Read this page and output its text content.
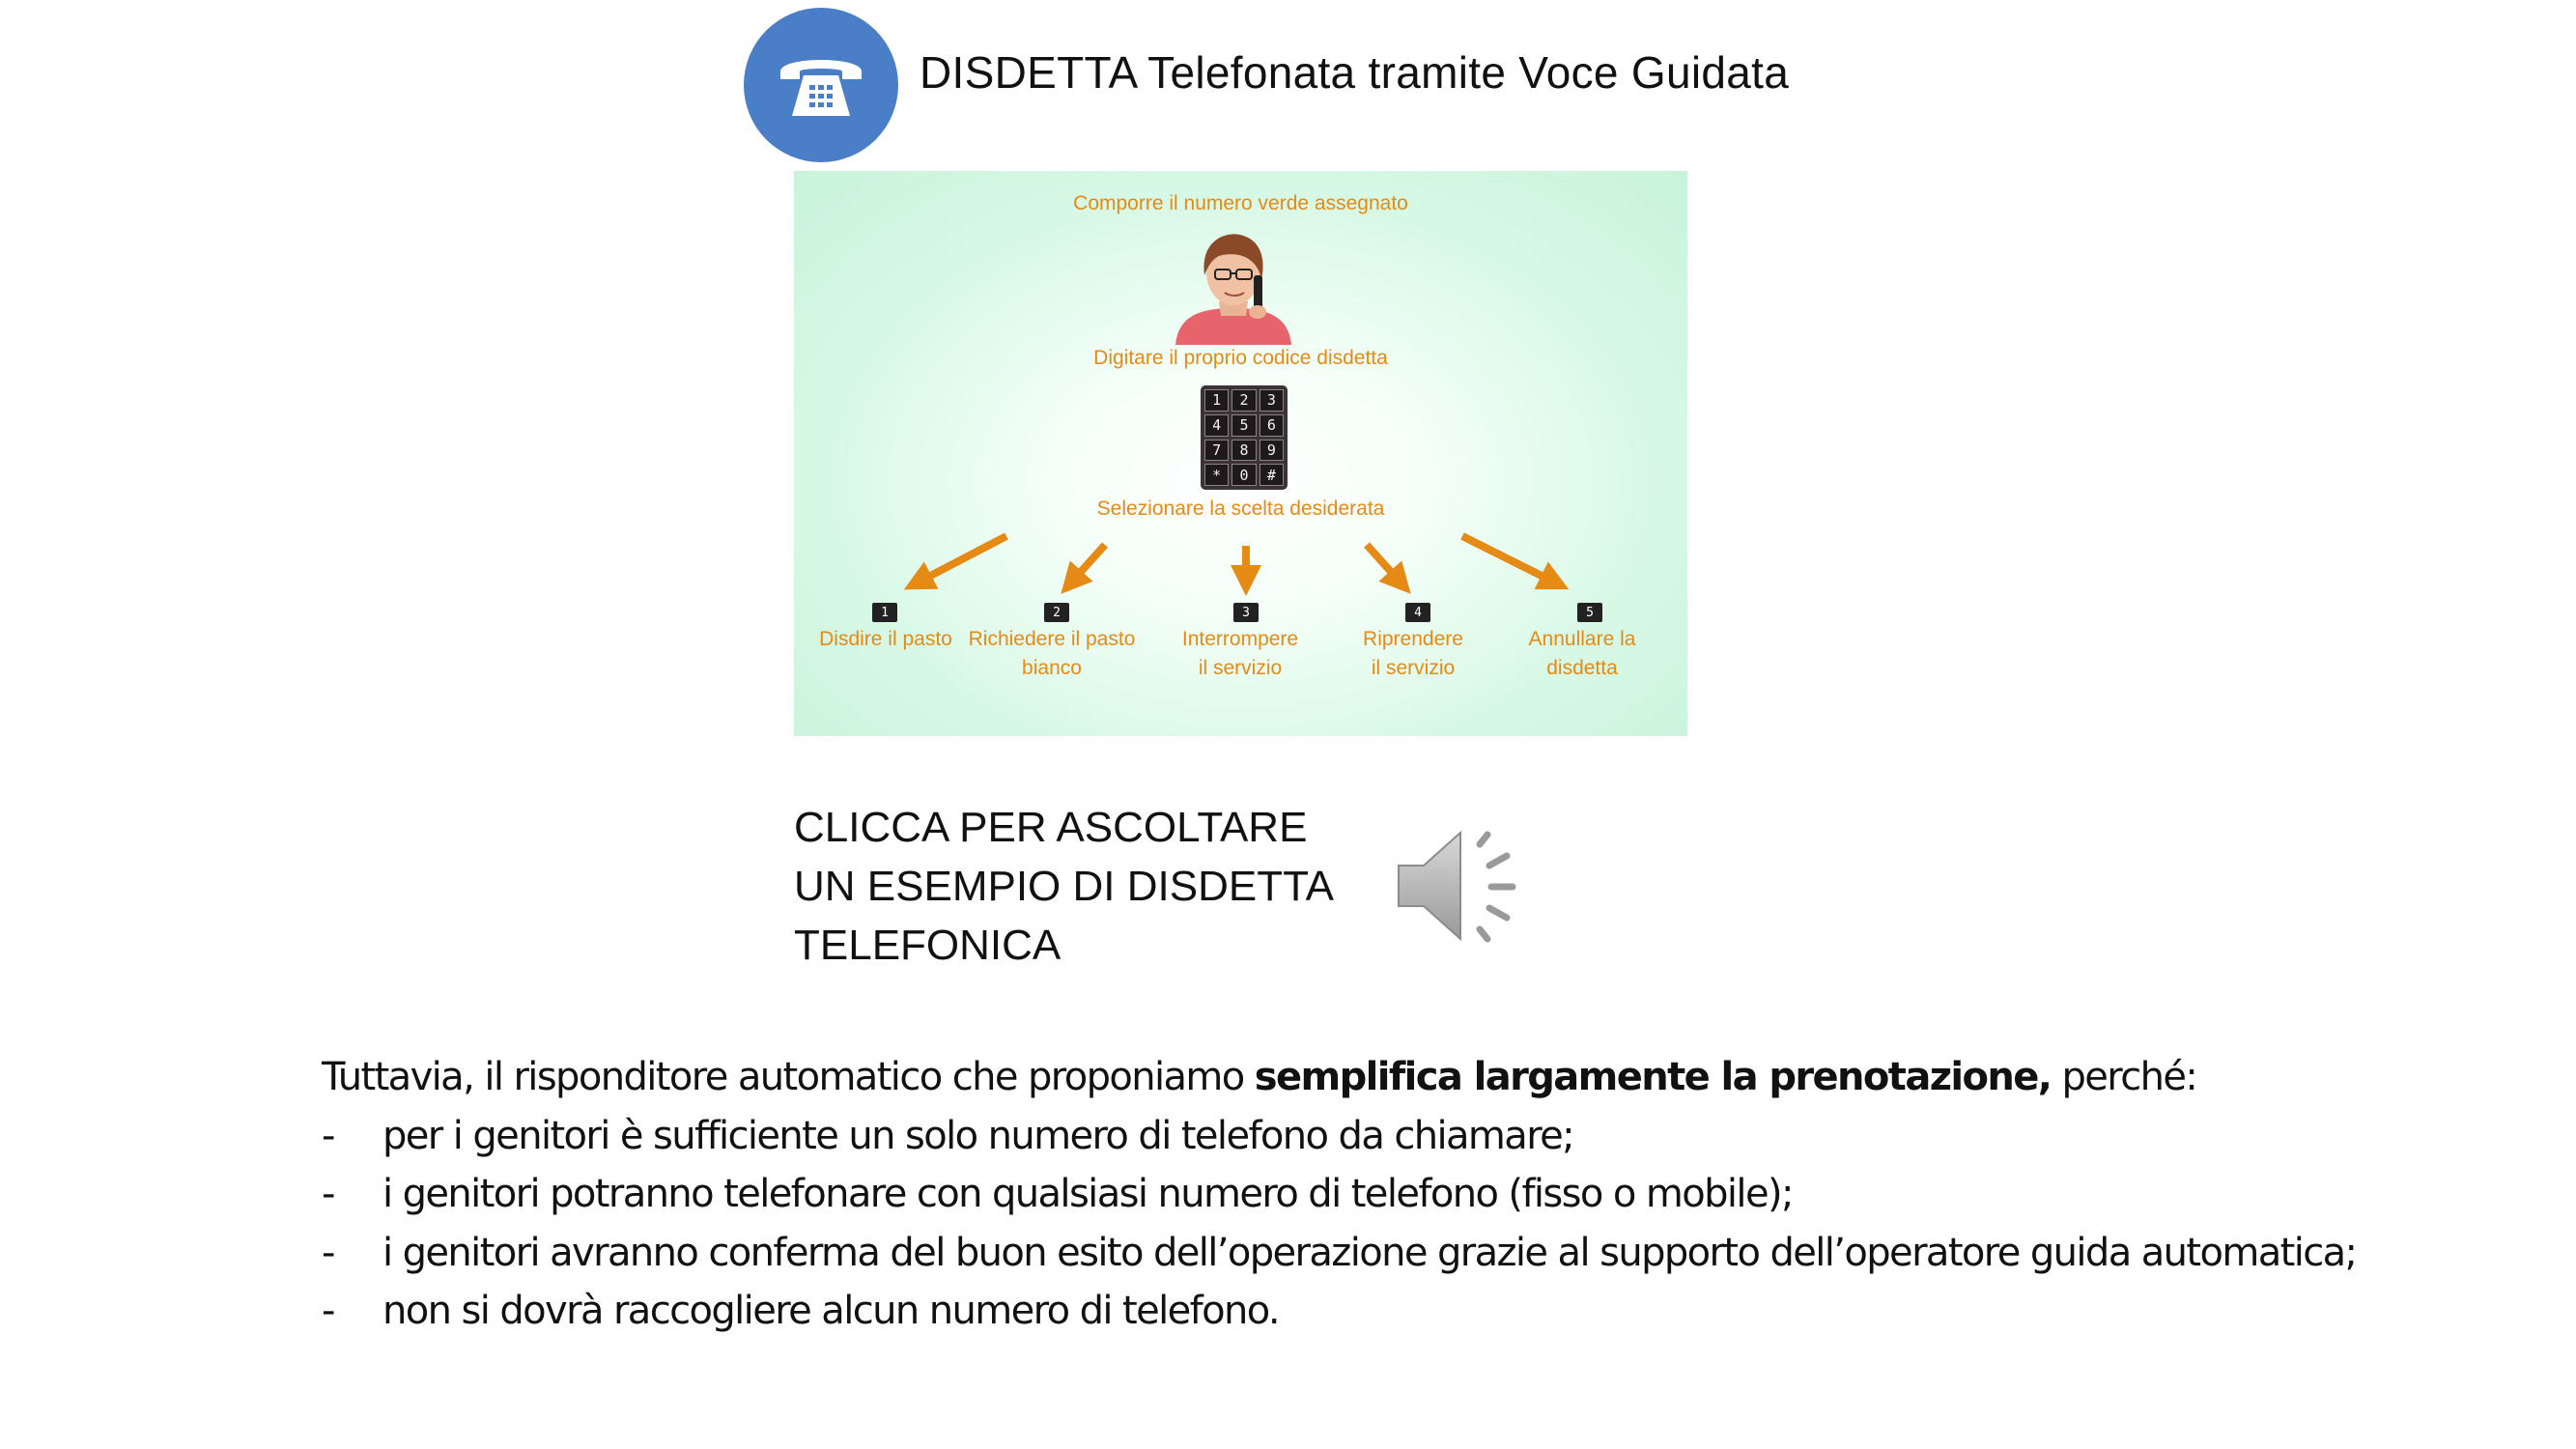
DISDETTA Telefonata tramite Voce Guidata
Comporre il numero verde assegnato
Digitare il proprio codice disdetta
1	2	3
4	5	6
7	8	9
*	0	#
Selezionare la scelta desiderata
1	2	3	4	5
Disdire il pasto Richiedere il pasto
bianco
Interrompere
il servizio
Riprendere
il servizio
Annullare la
disdetta
CLICCA PER ASCOLTARE
UN ESEMPIO DI DISDETTA
TELEFONICA

Tuttavia, il risponditore automatico che proponiamo semplifica largamente la prenotazione, perché:

- per i genitori è sufficiente un solo numero di telefono da chiamare;

- i genitori potranno telefonare con qualsiasi numero di telefono (fisso o mobile);

- i genitori avranno conferma del buon esito dell’operazione grazie al supporto dell’operatore guida automatica;

- non si dovrà raccogliere alcun numero di telefono.
